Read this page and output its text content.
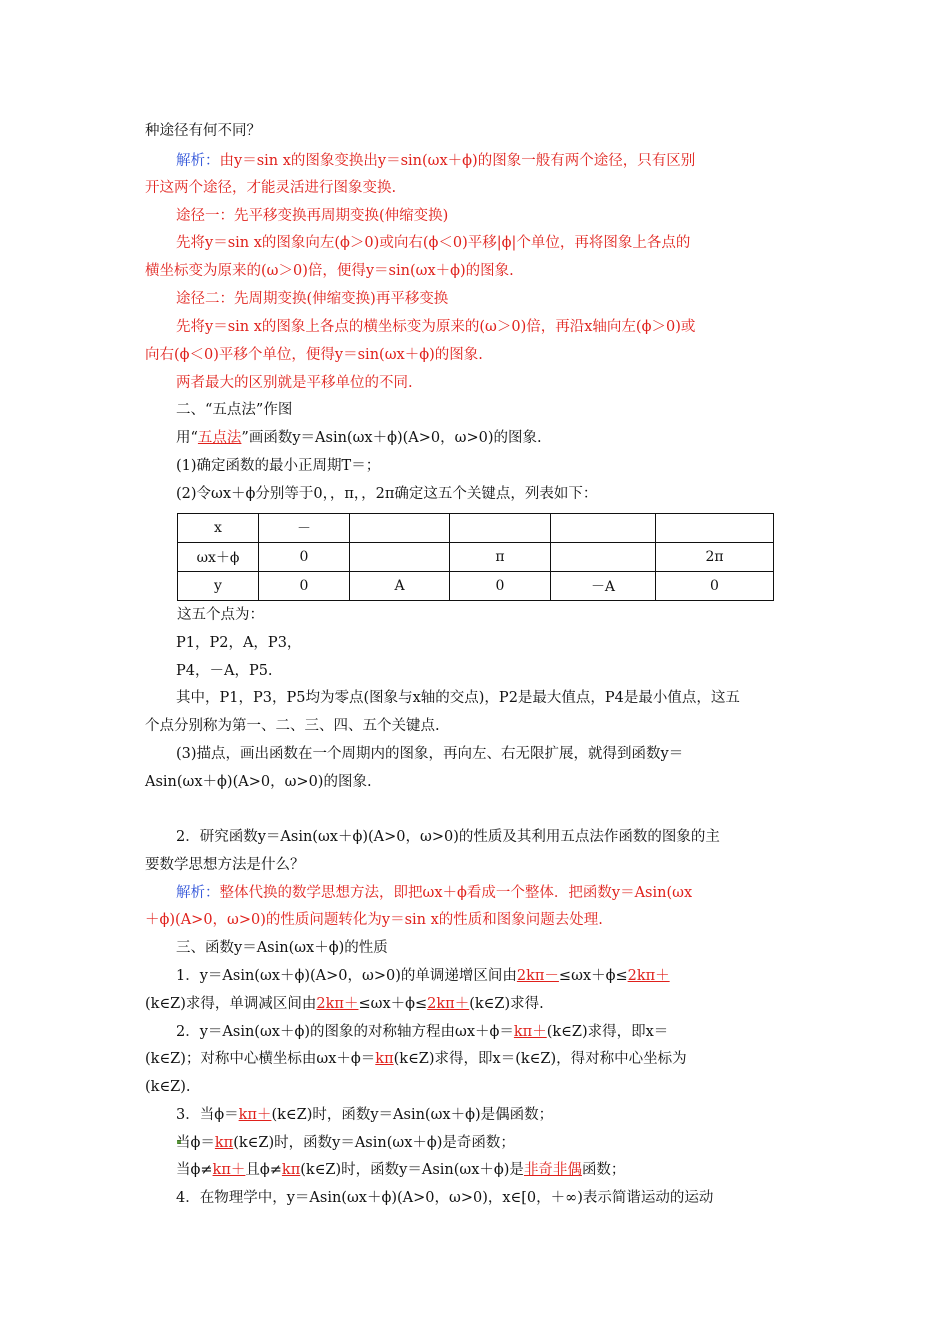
种途径有何不同？
解析：由y＝sin x的图象变换出y＝sin(ωx＋ϕ)的图象一般有两个途径，只有区别
开这两个途径，才能灵活进行图象变换.
途径一：先平移变换再周期变换(伸缩变换)
先将y＝sin x的图象向左(ϕ＞0)或向右(ϕ＜0)平移|ϕ|个单位，再将图象上各点的
横坐标变为原来的(ω＞0)倍，便得y＝sin(ωx＋ϕ)的图象.
途径二：先周期变换(伸缩变换)再平移变换
先将y＝sin x的图象上各点的横坐标变为原来的(ω＞0)倍，再沿x轴向左(ϕ＞0)或
向右(ϕ＜0)平移个单位，便得y＝sin(ωx＋ϕ)的图象.
两者最大的区别就是平移单位的不同.
二、“五点法”作图
用“五点法”画函数y＝Asin(ωx＋ϕ)(A>0，ω>0)的图象.
(1)确定函数的最小正周期T＝；
(2)令ωx＋ϕ分别等于0，，π，，2π确定这五个关键点，列表如下：
x	－				
ωx＋ϕ	0		π		2π
y	0	A	0	－A	0
这五个点为：
P1，P2，A，P3，
P4，－A，P5.
其中，P1，P3，P5均为零点(图象与x轴的交点)，P2是最大值点，P4是最小值点，这五
个点分别称为第一、二、三、四、五个关键点.
(3)描点，画出函数在一个周期内的图象，再向左、右无限扩展，就得到函数y＝
Asin(ωx＋ϕ)(A>0，ω>0)的图象.
2．研究函数y＝Asin(ωx＋ϕ)(A>0，ω>0)的性质及其利用五点法作函数的图象的主
要数学思想方法是什么？
解析：整体代换的数学思想方法，即把ωx＋ϕ看成一个整体．把函数y＝Asin(ωx
＋ϕ)(A>0，ω>0)的性质问题转化为y＝sin x的性质和图象问题去处理.
三、函数y＝Asin(ωx＋ϕ)的性质
1．y＝Asin(ωx＋ϕ)(A>0，ω>0)的单调递增区间由2kπ－≤ωx＋ϕ≤2kπ＋
(k∈Z)求得，单调减区间由2kπ＋≤ωx＋ϕ≤2kπ＋(k∈Z)求得.
2．y＝Asin(ωx＋ϕ)的图象的对称轴方程由ωx＋ϕ＝kπ＋(k∈Z)求得，即x＝
(k∈Z)；对称中心横坐标由ωx＋ϕ＝kπ(k∈Z)求得，即x＝(k∈Z)，得对称中心坐标为
(k∈Z).
3．当ϕ＝kπ＋(k∈Z)时，函数y＝Asin(ωx＋ϕ)是偶函数；
当ϕ＝kπ(k∈Z)时，函数y＝Asin(ωx＋ϕ)是奇函数；
当ϕ≠kπ＋且ϕ≠kπ(k∈Z)时，函数y＝Asin(ωx＋ϕ)是非奇非偶函数；
4．在物理学中，y＝Asin(ωx＋ϕ)(A>0，ω>0)，x∈[0，＋∞)表示简谐运动的运动
